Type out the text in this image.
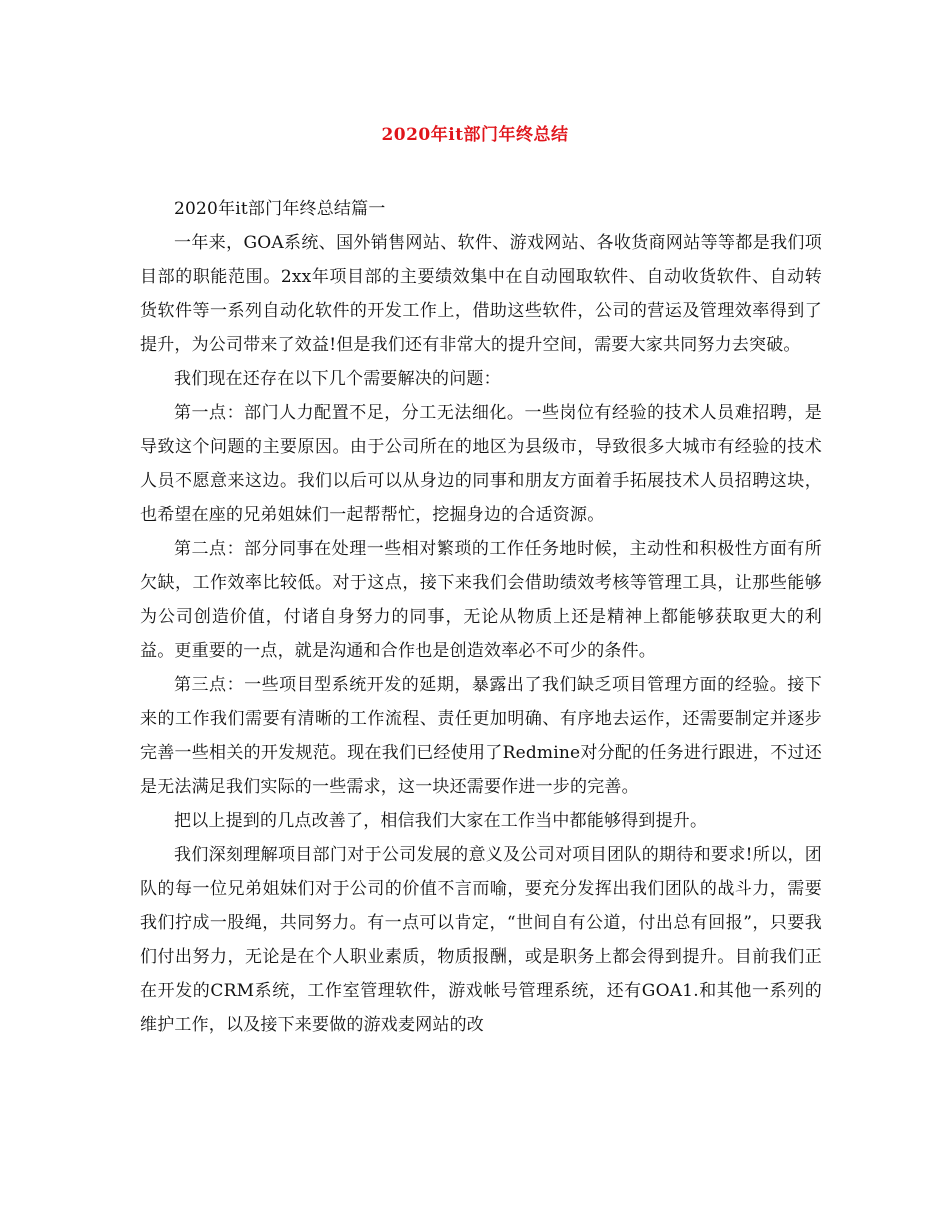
2020年it部门年终总结

2020年it部门年终总结篇一

一年来，GOA系统、国外销售网站、软件、游戏网站、各收货商网站等等都是我们项目部的职能范围。2xx年项目部的主要绩效集中在自动囤取软件、自动收货软件、自动转货软件等一系列自动化软件的开发工作上，借助这些软件，公司的营运及管理效率得到了提升，为公司带来了效益!但是我们还有非常大的提升空间，需要大家共同努力去突破。

我们现在还存在以下几个需要解决的问题：

第一点：部门人力配置不足，分工无法细化。一些岗位有经验的技术人员难招聘，是导致这个问题的主要原因。由于公司所在的地区为县级市，导致很多大城市有经验的技术人员不愿意来这边。我们以后可以从身边的同事和朋友方面着手拓展技术人员招聘这块，也希望在座的兄弟姐妹们一起帮帮忙，挖掘身边的合适资源。

第二点：部分同事在处理一些相对繁琐的工作任务地时候，主动性和积极性方面有所欠缺，工作效率比较低。对于这点，接下来我们会借助绩效考核等管理工具，让那些能够为公司创造价值，付诸自身努力的同事，无论从物质上还是精神上都能够获取更大的利益。更重要的一点，就是沟通和合作也是创造效率必不可少的条件。

第三点：一些项目型系统开发的延期，暴露出了我们缺乏项目管理方面的经验。接下来的工作我们需要有清晰的工作流程、责任更加明确、有序地去运作，还需要制定并逐步完善一些相关的开发规范。现在我们已经使用了Redmine对分配的任务进行跟进，不过还是无法满足我们实际的一些需求，这一块还需要作进一步的完善。

把以上提到的几点改善了，相信我们大家在工作当中都能够得到提升。

我们深刻理解项目部门对于公司发展的意义及公司对项目团队的期待和要求!所以，团队的每一位兄弟姐妹们对于公司的价值不言而喻，要充分发挥出我们团队的战斗力，需要我们拧成一股绳，共同努力。有一点可以肯定，“世间自有公道，付出总有回报”，只要我们付出努力，无论是在个人职业素质，物质报酬，或是职务上都会得到提升。目前我们正在开发的CRM系统，工作室管理软件，游戏帐号管理系统，还有GOA1.和其他一系列的维护工作，以及接下来要做的游戏麦网站的改
